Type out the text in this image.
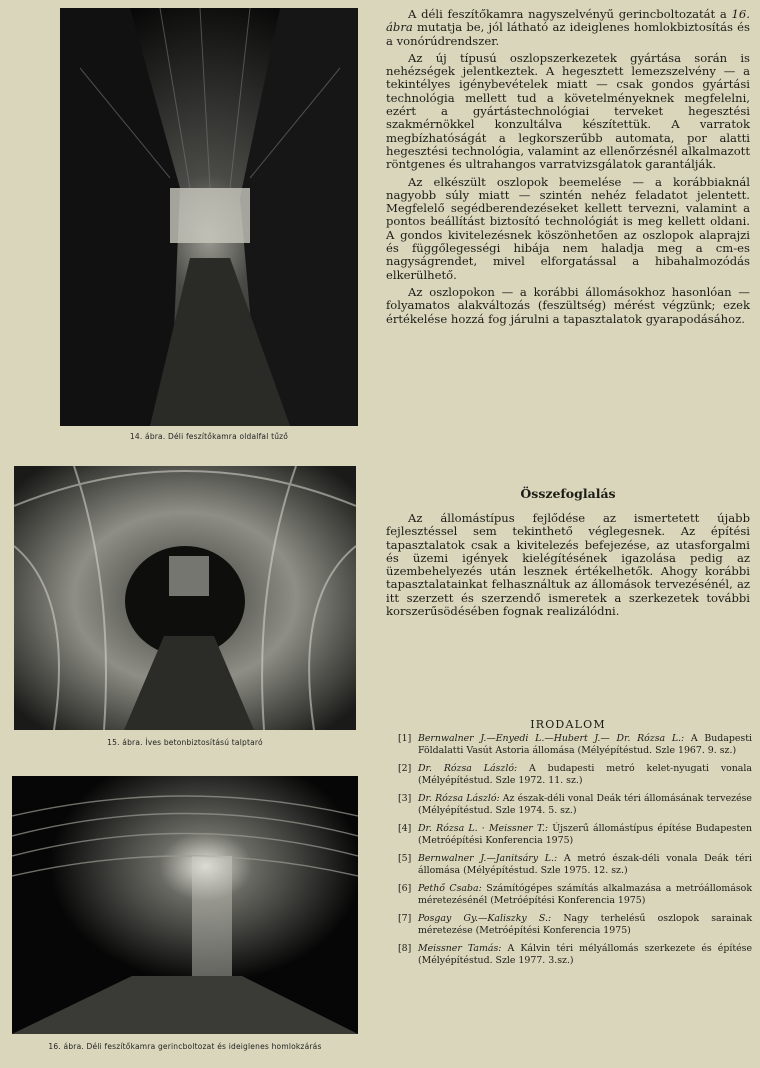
14. ábra. Déli feszítőkamra oldalfal tűző
15. ábra. Íves betonbiztosítású talptaró
16. ábra. Déli feszítőkamra gerincboltozat és ideiglenes homlokzárás

A déli feszítőkamra nagyszelvényű gerincboltozatát a 16. ábra mutatja be, jól látható az ideiglenes homlokbiztosítás és a vonórúdrendszer.

Az új típusú oszlopszerkezetek gyártása során is nehézségek jelentkeztek. A hegesztett lemezszelvény — a tekintélyes igénybevételek miatt — csak gondos gyártási technológia mellett tud a követelményeknek megfelelni, ezért a gyártástechnológiai terveket hegesztési szakmérnökkel konzultálva készítettük. A varratok megbízhatóságát a legkorszerűbb automata, por alatti hegesztési technológia, valamint az ellenőrzésnél alkalmazott röntgenes és ultrahangos varratvizsgálatok garantálják.

Az elkészült oszlopok beemelése — a korábbiaknál nagyobb súly miatt — szintén nehéz feladatot jelentett. Megfelelő segédberendezéseket kellett tervezni, valamint a pontos beállítást biztosító technológiát is meg kellett oldani. A gondos kivitelezésnek köszönhetően az oszlopok alaprajzi és függőlegességi hibája nem haladja meg a cm-es nagyságrendet, mivel elforgatással a hibahalmozódás elkerülhető.

Az oszlopokon — a korábbi állomásokhoz hasonlóan — folyamatos alakváltozás (feszültség) mérést végzünk; ezek értékelése hozzá fog járulni a tapasztalatok gyarapodásához.

Összefoglalás
Az állomástípus fejlődése az ismertetett újabb fejlesztéssel sem tekinthető véglegesnek. Az építési tapasztalatok csak a kivitelezés befejezése, az utasforgalmi és üzemi igények kielégítésének igazolása pedig az üzembehelyezés után lesznek értékelhetők. Ahogy korábbi tapasztalatainkat felhasználtuk az állomások tervezésénél, az itt szerzett és szerzendő ismeretek a szerkezetek további korszerűsödésében fognak realizálódni.
IRODALOM
[1] Bernwalner J.—Enyedi L.—Hubert J.— Dr. Rózsa L.: A Budapesti Földalatti Vasút Astoria állomása (Mélyépítéstud. Szle 1967. 9. sz.)
[2] Dr. Rózsa László: A budapesti metró kelet-nyugati vonala (Mélyépítéstud. Szle 1972. 11. sz.)
[3] Dr. Rózsa László: Az észak-déli vonal Deák téri állomásának tervezése (Mélyépítéstud. Szle 1974. 5. sz.)
[4] Dr. Rózsa L. · Meissner T.: Újszerű állomástípus építése Budapesten (Metróépítési Konferencia 1975)
[5] Bernwalner J.—Janitsáry L.: A metró észak-déli vonala Deák téri állomása (Mélyépítéstud. Szle 1975. 12. sz.)
[6] Pethő Csaba: Számítógépes számítás alkalmazása a metróállomások méretezésénél (Metróépítési Konferencia 1975)
[7] Posgay Gy.—Kaliszky S.: Nagy terhelésű oszlopok sarainak méretezése (Metróépítési Konferencia 1975)
[8] Meissner Tamás: A Kálvin téri mélyállomás szerkezete és építése (Mélyépítéstud. Szle 1977. 3.sz.)
